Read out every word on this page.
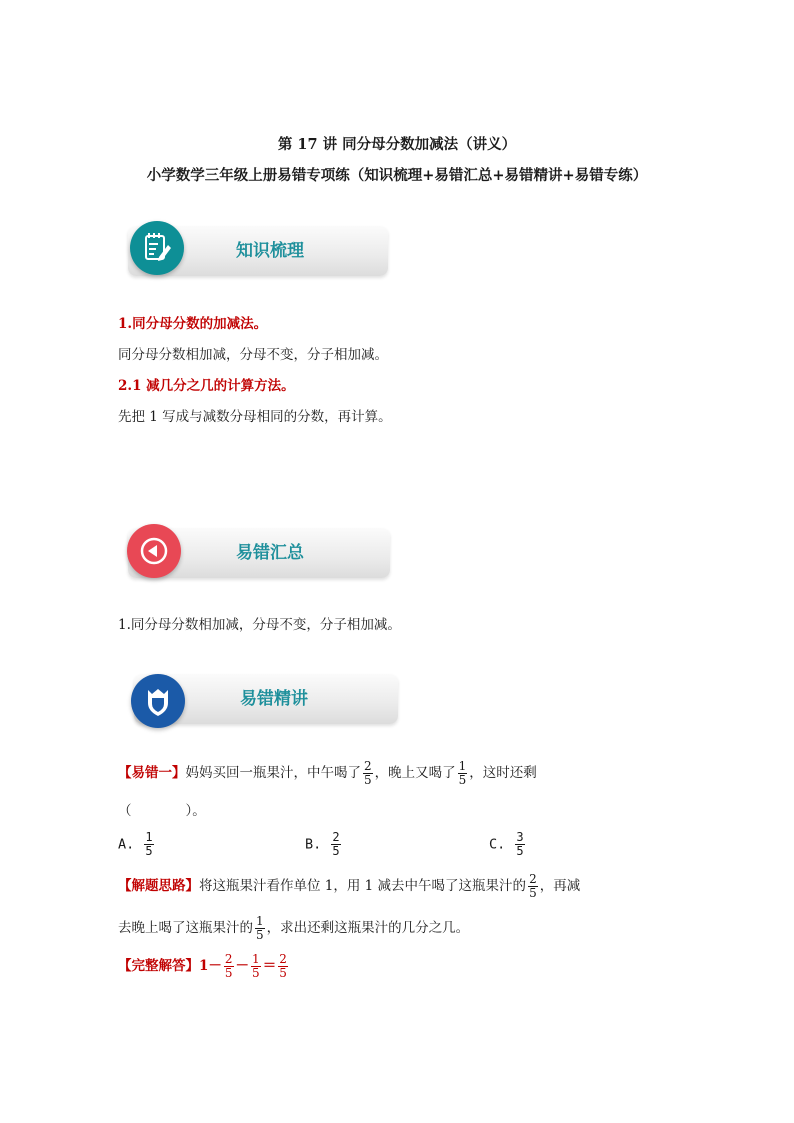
第 17 讲 同分母分数加减法（讲义）
小学数学三年级上册易错专项练（知识梳理+易错汇总+易错精讲+易错专练）
知识梳理
1.同分母分数的加减法。
同分母分数相加减，分母不变，分子相加减。
2.1 减几分之几的计算方法。
先把 1 写成与减数分母相同的分数，再计算。
易错汇总
1.同分母分数相加减，分母不变，分子相加减。
易错精讲
【易错一】妈妈买回一瓶果汁，中午喝了 $\frac{2}{5}$ ，晚上又喝了 $\frac{1}{5}$ ，这时还剩
（　　　　）。
A. $\frac{1}{5}$	B. $\frac{2}{5}$	C. $\frac{3}{5}$
【解题思路】将这瓶果汁看作单位 1，用 1 减去中午喝了这瓶果汁的 $\frac{2}{5}$ ，再减
去晚上喝了这瓶果汁的 $\frac{1}{5}$ ，求出还剩这瓶果汁的几分之几。
【完整解答】$1- \frac{2}{5} - \frac{1}{5} = \frac{2}{5}$
